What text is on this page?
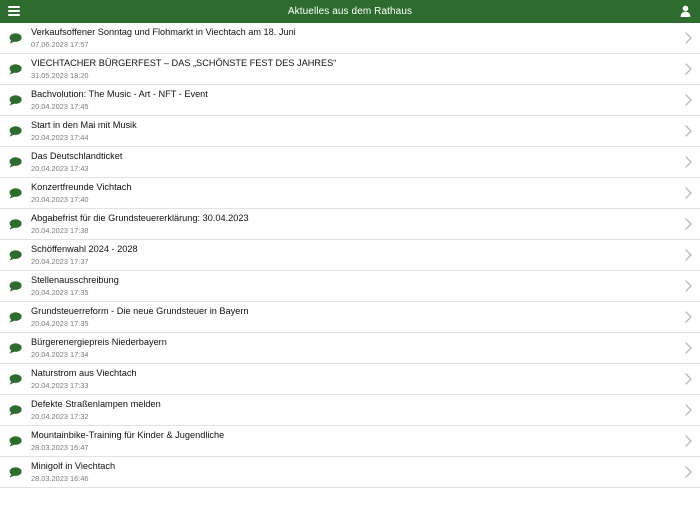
Aktuelles aus dem Rathaus
Verkaufsoffener Sonntag und Flohmarkt in Viechtach am 18. Juni
07.06.2023 17:57
VIECHTACHER BÜRGERFEST – DAS „SCHÖNSTE FEST DES JAHRES“
31.05.2023 18:20
Bachvolution: The Music - Art - NFT - Event
20.04.2023 17:45
Start in den Mai mit Musik
20.04.2023 17:44
Das Deutschlandticket
20.04.2023 17:43
Konzertfreunde Vichtach
20.04.2023 17:40
Abgabefrist für die Grundsteuererklärung: 30.04.2023
20.04.2023 17:38
Schöffenwahl 2024 - 2028
20.04.2023 17:37
Stellenausschreibung
20.04.2023 17:35
Grundsteuerreform - Die neue Grundsteuer in Bayern
20.04.2023 17:35
Bürgerenergiepreis Niederbayern
20.04.2023 17:34
Naturstrom aus Viechtach
20.04.2023 17:33
Defekte Straßenlampen melden
20.04.2023 17:32
Mountainbike-Training für Kinder & Jugendliche
28.03.2023 16:47
Minigolf in Viechtach
28.03.2023 16:46
